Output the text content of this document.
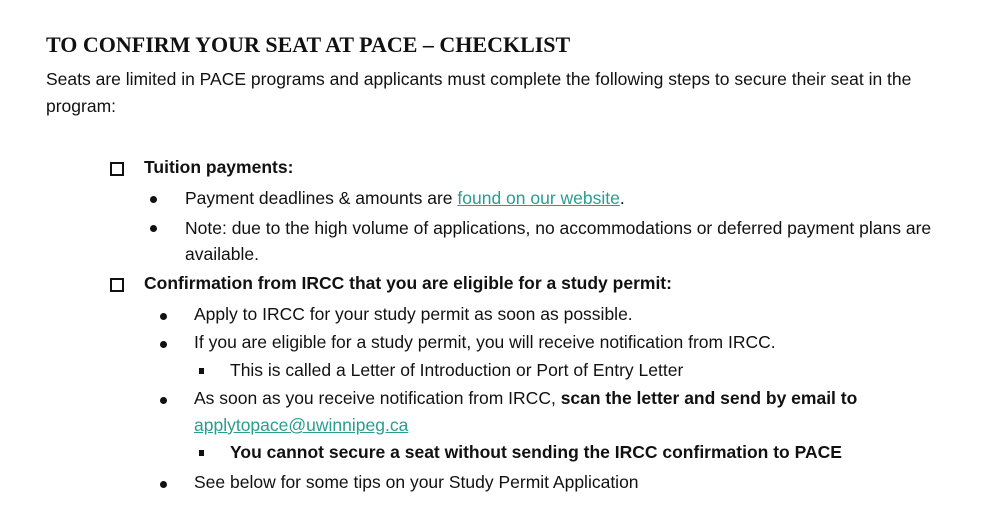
TO CONFIRM YOUR SEAT AT PACE – CHECKLIST
Seats are limited in PACE programs and applicants must complete the following steps to secure their seat in the program:
Tuition payments:
Payment deadlines & amounts are found on our website.
Note: due to the high volume of applications, no accommodations or deferred payment plans are available.
Confirmation from IRCC that you are eligible for a study permit:
Apply to IRCC for your study permit as soon as possible.
If you are eligible for a study permit, you will receive notification from IRCC.
This is called a Letter of Introduction or Port of Entry Letter
As soon as you receive notification from IRCC, scan the letter and send by email to
applytopace@uwinnipeg.ca
You cannot secure a seat without sending the IRCC confirmation to PACE
See below for some tips on your Study Permit Application
